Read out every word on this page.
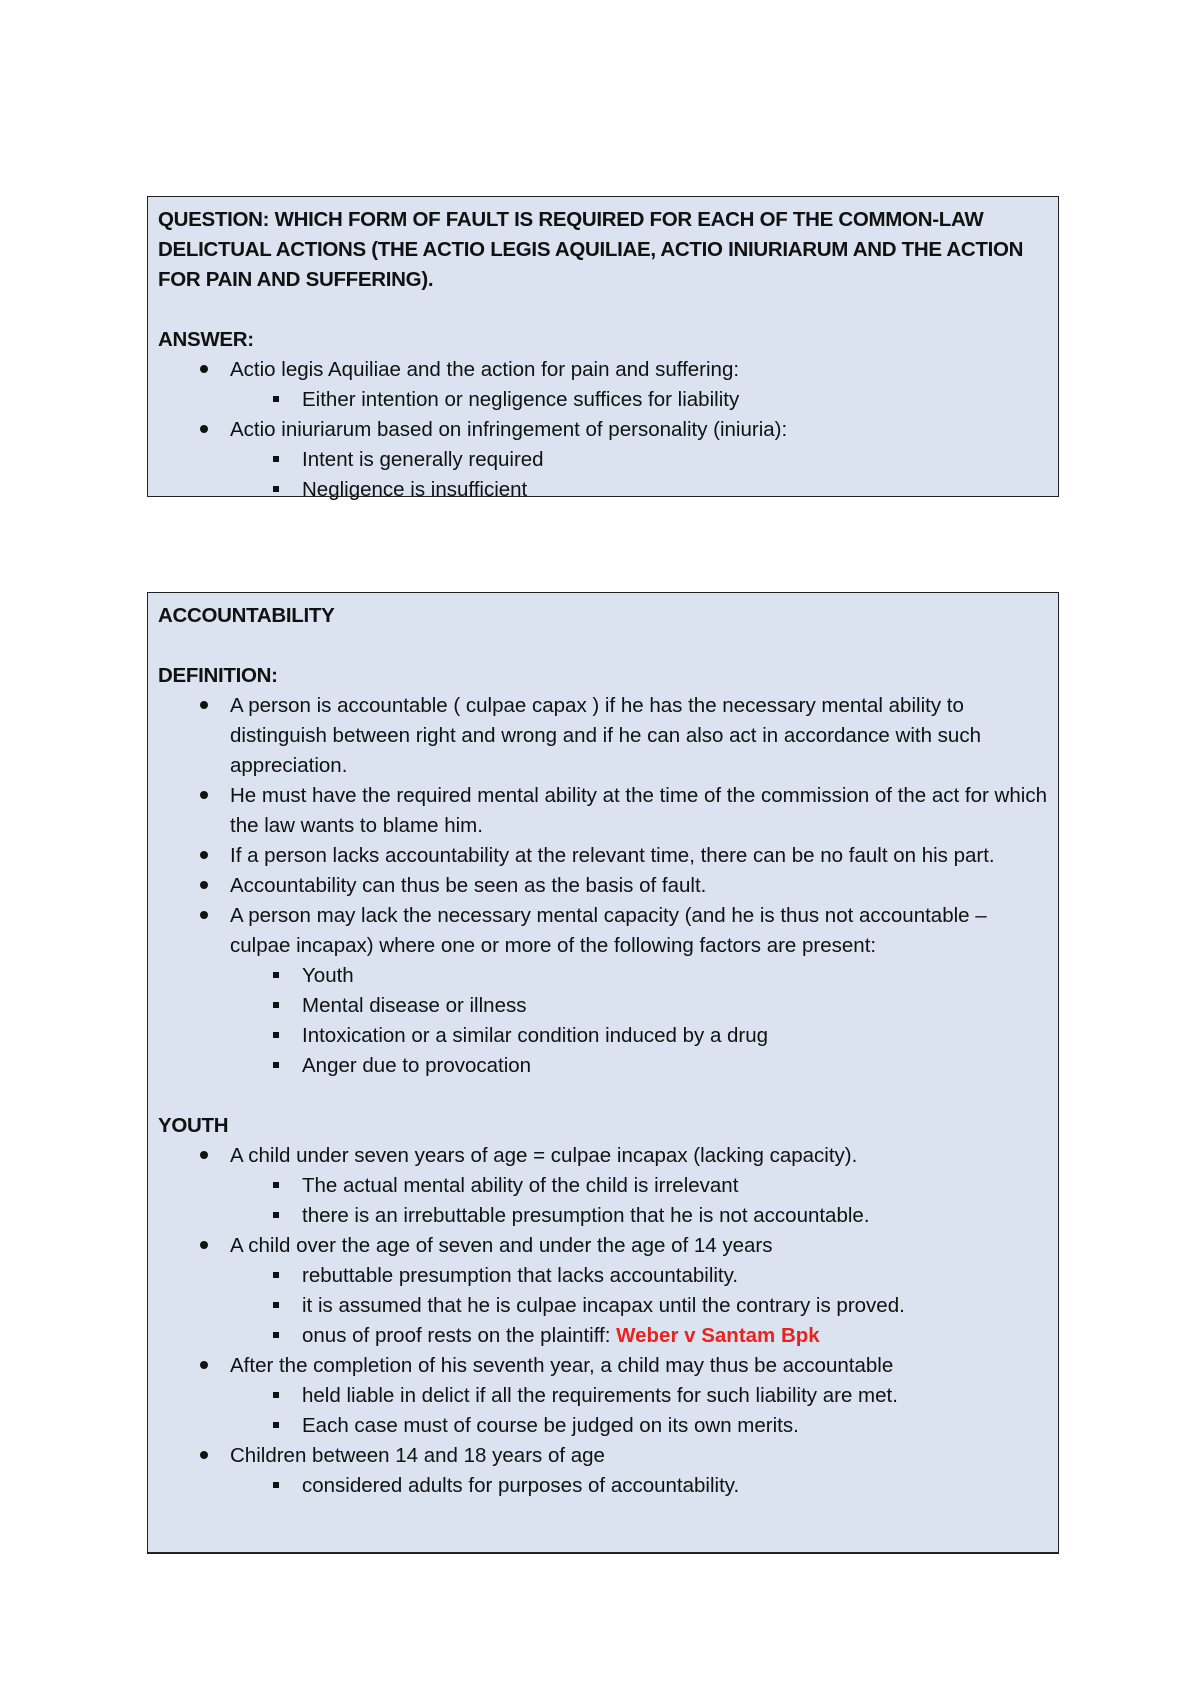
QUESTION: WHICH FORM OF FAULT IS REQUIRED FOR EACH OF THE COMMON-LAW DELICTUAL ACTIONS (THE ACTIO LEGIS AQUILIAE, ACTIO INIURIARUM AND THE ACTION FOR PAIN AND SUFFERING).

ANSWER:

Actio legis Aquiliae and the action for pain and suffering:
Either intention or negligence suffices for liability
Actio iniuriarum based on infringement of personality (iniuria):
Intent is generally required
Negligence is insufficient

ACCOUNTABILITY

DEFINITION:

A person is accountable ( culpae capax ) if he has the necessary mental ability to distinguish between right and wrong and if he can also act in accordance with such appreciation.
He must have the required mental ability at the time of the commission of the act for which the law wants to blame him.
If a person lacks accountability at the relevant time, there can be no fault on his part.
Accountability can thus be seen as the basis of fault.
A person may lack the necessary mental capacity (and he is thus not accountable – culpae incapax) where one or more of the following factors are present:
Youth
Mental disease or illness
Intoxication or a similar condition induced by a drug
Anger due to provocation

YOUTH

A child under seven years of age = culpae incapax (lacking capacity).
The actual mental ability of the child is irrelevant
there is an irrebuttable presumption that he is not accountable.
A child over the age of seven and under the age of 14 years
rebuttable presumption that lacks accountability.
it is assumed that he is culpae incapax until the contrary is proved.
onus of proof rests on the plaintiff: Weber v Santam Bpk
After the completion of his seventh year, a child may thus be accountable
held liable in delict if all the requirements for such liability are met.
Each case must of course be judged on its own merits.
Children between 14 and 18 years of age
considered adults for purposes of accountability.
